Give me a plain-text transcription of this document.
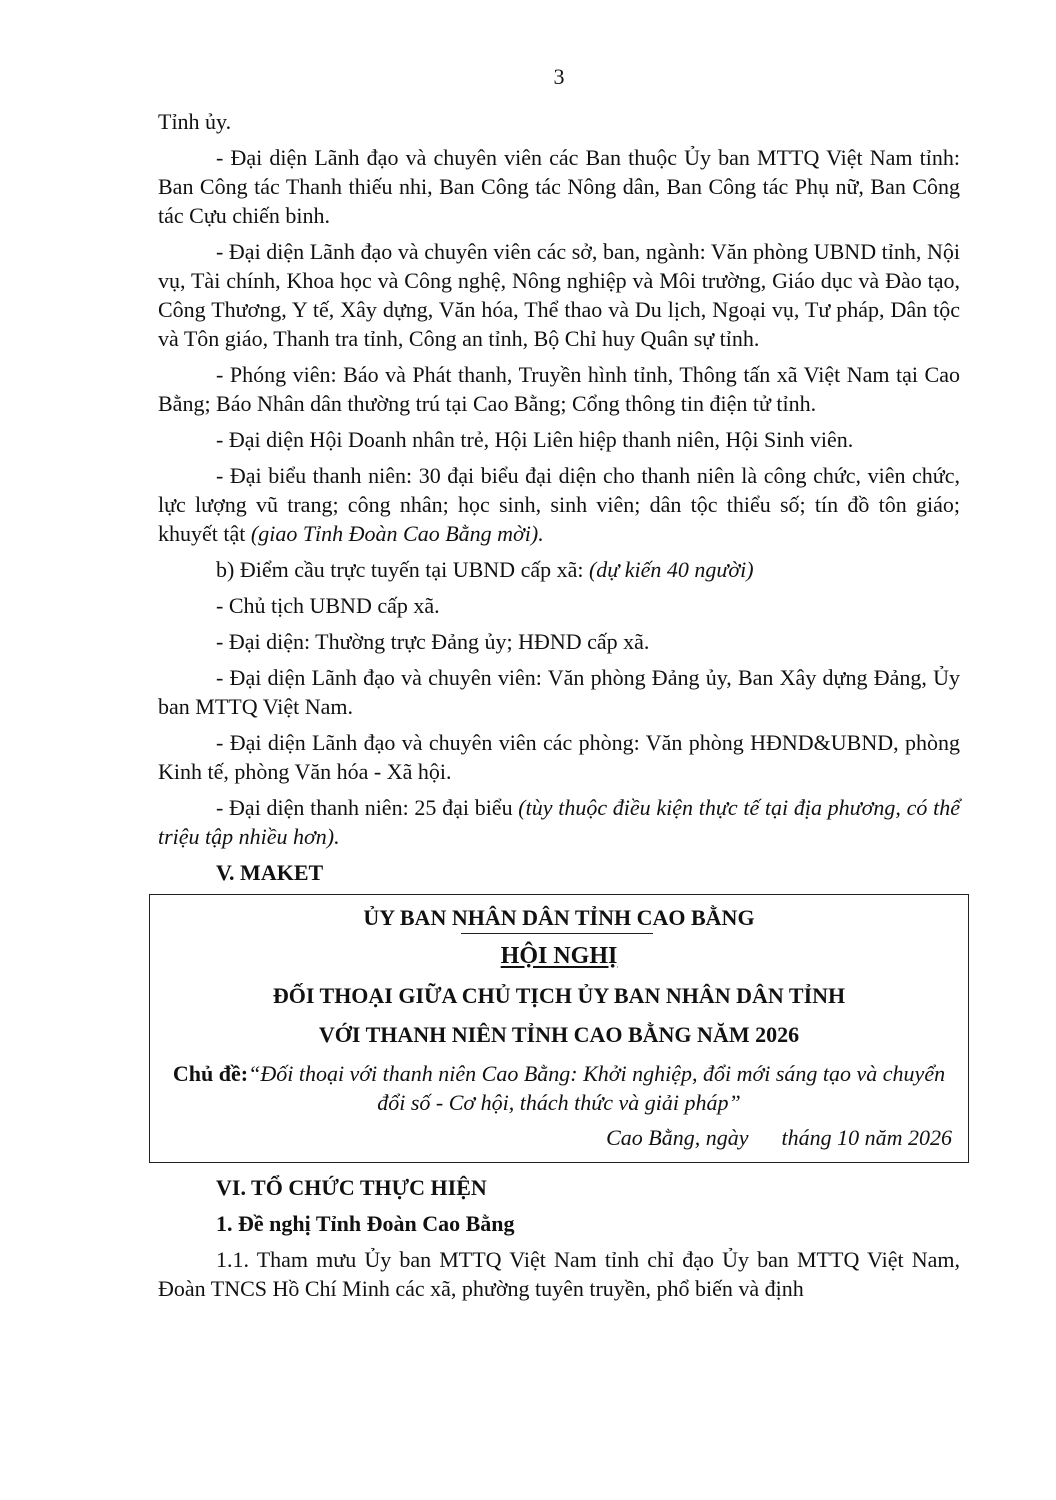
3

Tỉnh ủy.

- Đại diện Lãnh đạo và chuyên viên các Ban thuộc Ủy ban MTTQ Việt Nam tỉnh: Ban Công tác Thanh thiếu nhi, Ban Công tác Nông dân, Ban Công tác Phụ nữ, Ban Công tác Cựu chiến binh.

- Đại diện Lãnh đạo và chuyên viên các sở, ban, ngành: Văn phòng UBND tỉnh, Nội vụ, Tài chính, Khoa học và Công nghệ, Nông nghiệp và Môi trường, Giáo dục và Đào tạo, Công Thương, Y tế, Xây dựng, Văn hóa, Thể thao và Du lịch, Ngoại vụ, Tư pháp, Dân tộc và Tôn giáo, Thanh tra tỉnh, Công an tỉnh, Bộ Chỉ huy Quân sự tỉnh.

- Phóng viên: Báo và Phát thanh, Truyền hình tỉnh, Thông tấn xã Việt Nam tại Cao Bằng; Báo Nhân dân thường trú tại Cao Bằng; Cổng thông tin điện tử tỉnh.

- Đại diện Hội Doanh nhân trẻ, Hội Liên hiệp thanh niên, Hội Sinh viên.

- Đại biểu thanh niên: 30 đại biểu đại diện cho thanh niên là công chức, viên chức, lực lượng vũ trang; công nhân; học sinh, sinh viên; dân tộc thiểu số; tín đồ tôn giáo; khuyết tật (giao Tỉnh Đoàn Cao Bằng mời).

b) Điểm cầu trực tuyến tại UBND cấp xã: (dự kiến 40 người)

- Chủ tịch UBND cấp xã.

- Đại diện: Thường trực Đảng ủy; HĐND cấp xã.

- Đại diện Lãnh đạo và chuyên viên: Văn phòng Đảng ủy, Ban Xây dựng Đảng, Ủy ban MTTQ Việt Nam.

- Đại diện Lãnh đạo và chuyên viên các phòng: Văn phòng HĐND&UBND, phòng Kinh tế, phòng Văn hóa - Xã hội.

- Đại diện thanh niên: 25 đại biểu (tùy thuộc điều kiện thực tế tại địa phương, có thể triệu tập nhiều hơn).

V. MAKET
ỦY BAN NHÂN DÂN TỈNH CAO BẰNG
HỘI NGHỊ
ĐỐI THOẠI GIỮA CHỦ TỊCH ỦY BAN NHÂN DÂN TỈNH
VỚI THANH NIÊN TỈNH CAO BẰNG NĂM 2026
Chủ đề:“Đối thoại với thanh niên Cao Bằng: Khởi nghiệp, đổi mới sáng tạo và chuyển đổi số - Cơ hội, thách thức và giải pháp”
Cao Bằng, ngày      tháng 10 năm 2026
VI. TỔ CHỨC THỰC HIỆN
1. Đề nghị Tỉnh Đoàn Cao Bằng

1.1. Tham mưu Ủy ban MTTQ Việt Nam tỉnh chỉ đạo Ủy ban MTTQ Việt Nam, Đoàn TNCS Hồ Chí Minh các xã, phường tuyên truyền, phổ biến và định
